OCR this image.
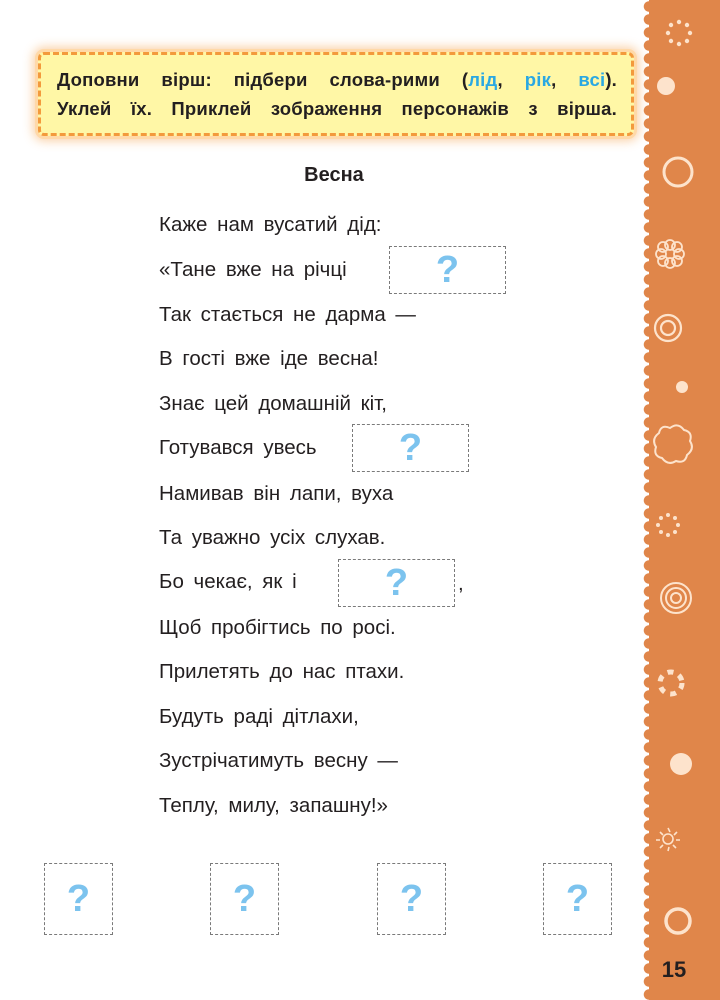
15
Доповни вірш: підбери слова-рими (лід, рік, всі).
Уклей їх. Приклей зображення персонажів з вірша.
Весна
Каже нам вусатий дід:
«Тане вже на річці ?
Так стається не дарма —
В гості вже іде весна!
Знає цей домашній кіт,
Готувався увесь ?
Намивав він лапи, вуха
Та уважно усіх слухав.
Бо чекає, як і ? ,
Щоб пробігтись по росі.
Прилетять до нас птахи.
Будуть раді дітлахи,
Зустрічатимуть весну —
Теплу, милу, запашну!»
?	?	?	?
